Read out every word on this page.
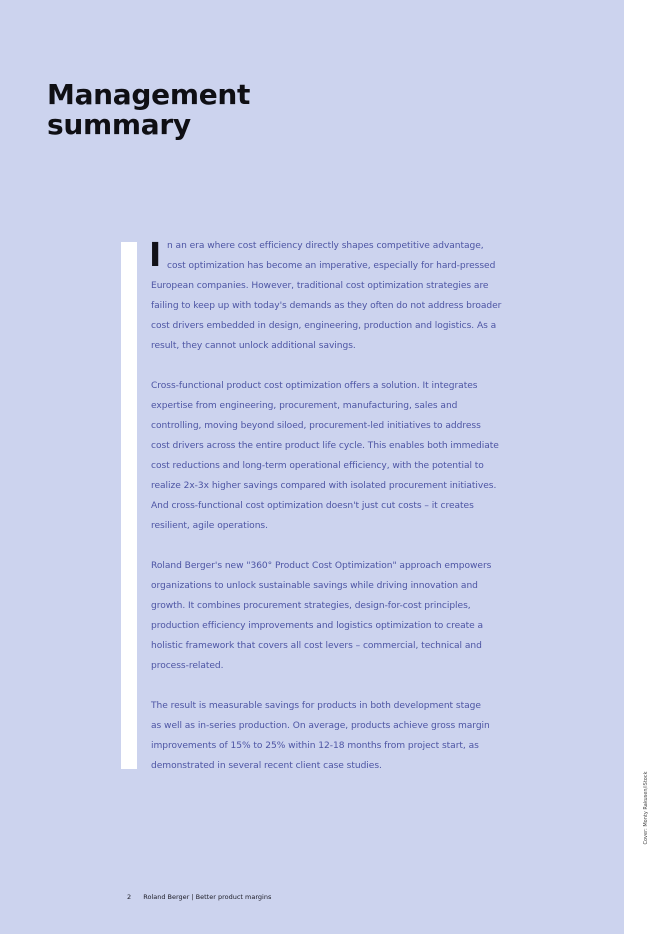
Management
summary
I n an era where cost efficiency directly shapes competitive advantage,
cost optimization has become an imperative, especially for hard-pressed

European companies. However, traditional cost optimization strategies are
failing to keep up with today's demands as they often do not address broader
cost drivers embedded in design, engineering, production and logistics. As a
result, they cannot unlock additional savings.

Cross-functional product cost optimization offers a solution. It integrates
expertise from engineering, procurement, manufacturing, sales and
controlling, moving beyond siloed, procurement-led initiatives to address
cost drivers across the entire product life cycle. This enables both immediate
cost reductions and long-term operational efficiency, with the potential to
realize 2x-3x higher savings compared with isolated procurement initiatives.
And cross-functional cost optimization doesn't just cut costs – it creates
resilient, agile operations.

Roland Berger's new "360° Product Cost Optimization" approach empowers
organizations to unlock sustainable savings while driving innovation and
growth. It combines procurement strategies, design-for-cost principles,
production efficiency improvements and logistics optimization to create a
holistic framework that covers all cost levers – commercial, technical and
process-related.

The result is measurable savings for products in both development stage
as well as in-series production. On average, products achieve gross margin
improvements of 15% to 25% within 12-18 months from project start, as
demonstrated in several recent client case studies.

2 Roland Berger | Better product margins
Cover: Monty Rakusen/iStock
